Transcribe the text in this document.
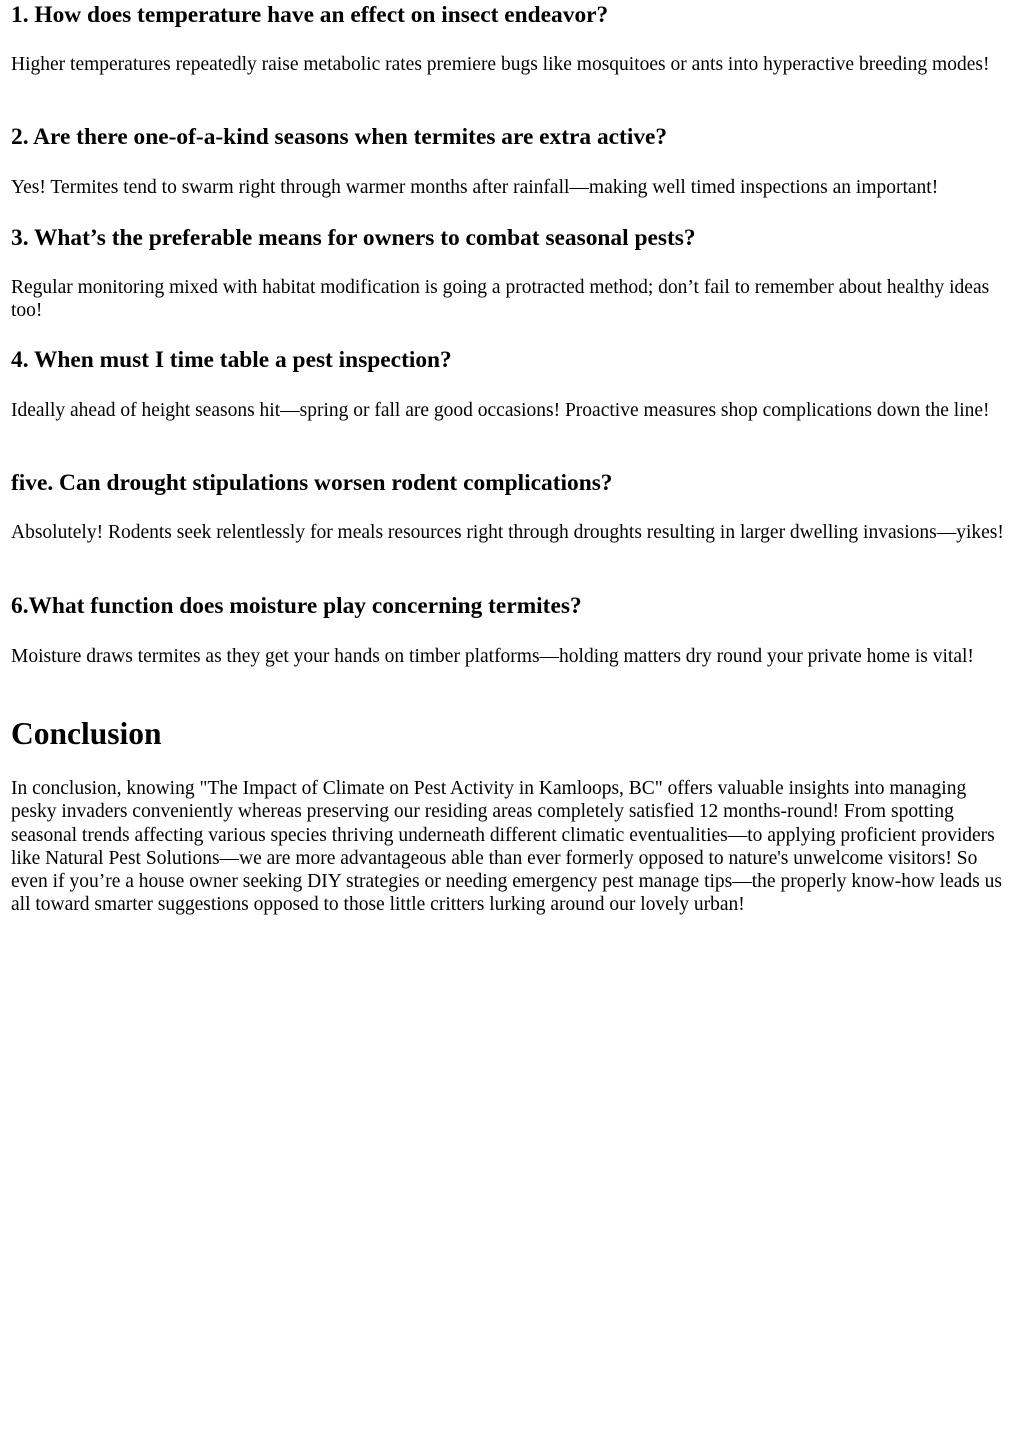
1. How does temperature have an effect on insect endeavor?

Higher temperatures repeatedly raise metabolic rates premiere bugs like mosquitoes or ants into hyperactive breeding modes!

2. Are there one-of-a-kind seasons when termites are extra active?

Yes! Termites tend to swarm right through warmer months after rainfall—making well timed inspections an important!

3. What’s the preferable means for owners to combat seasonal pests?

Regular monitoring mixed with habitat modification is going a protracted method; don’t fail to remember about healthy ideas too!

4. When must I time table a pest inspection?

Ideally ahead of height seasons hit—spring or fall are good occasions! Proactive measures shop complications down the line!

five. Can drought stipulations worsen rodent complications?

Absolutely! Rodents seek relentlessly for meals resources right through droughts resulting in larger dwelling invasions—yikes!

6.What function does moisture play concerning termites?

Moisture draws termites as they get your hands on timber platforms—holding matters dry round your private home is vital!

Conclusion

In conclusion, knowing "The Impact of Climate on Pest Activity in Kamloops, BC" offers valuable insights into managing pesky invaders conveniently whereas preserving our residing areas completely satisfied 12 months-round! From spotting seasonal trends affecting various species thriving underneath different climatic eventualities—to applying proficient providers like Natural Pest Solutions—we are more advantageous able than ever formerly opposed to nature's unwelcome visitors! So even if you’re a house owner seeking DIY strategies or needing emergency pest manage tips—the properly know-how leads us all toward smarter suggestions opposed to those little critters lurking around our lovely urban!
